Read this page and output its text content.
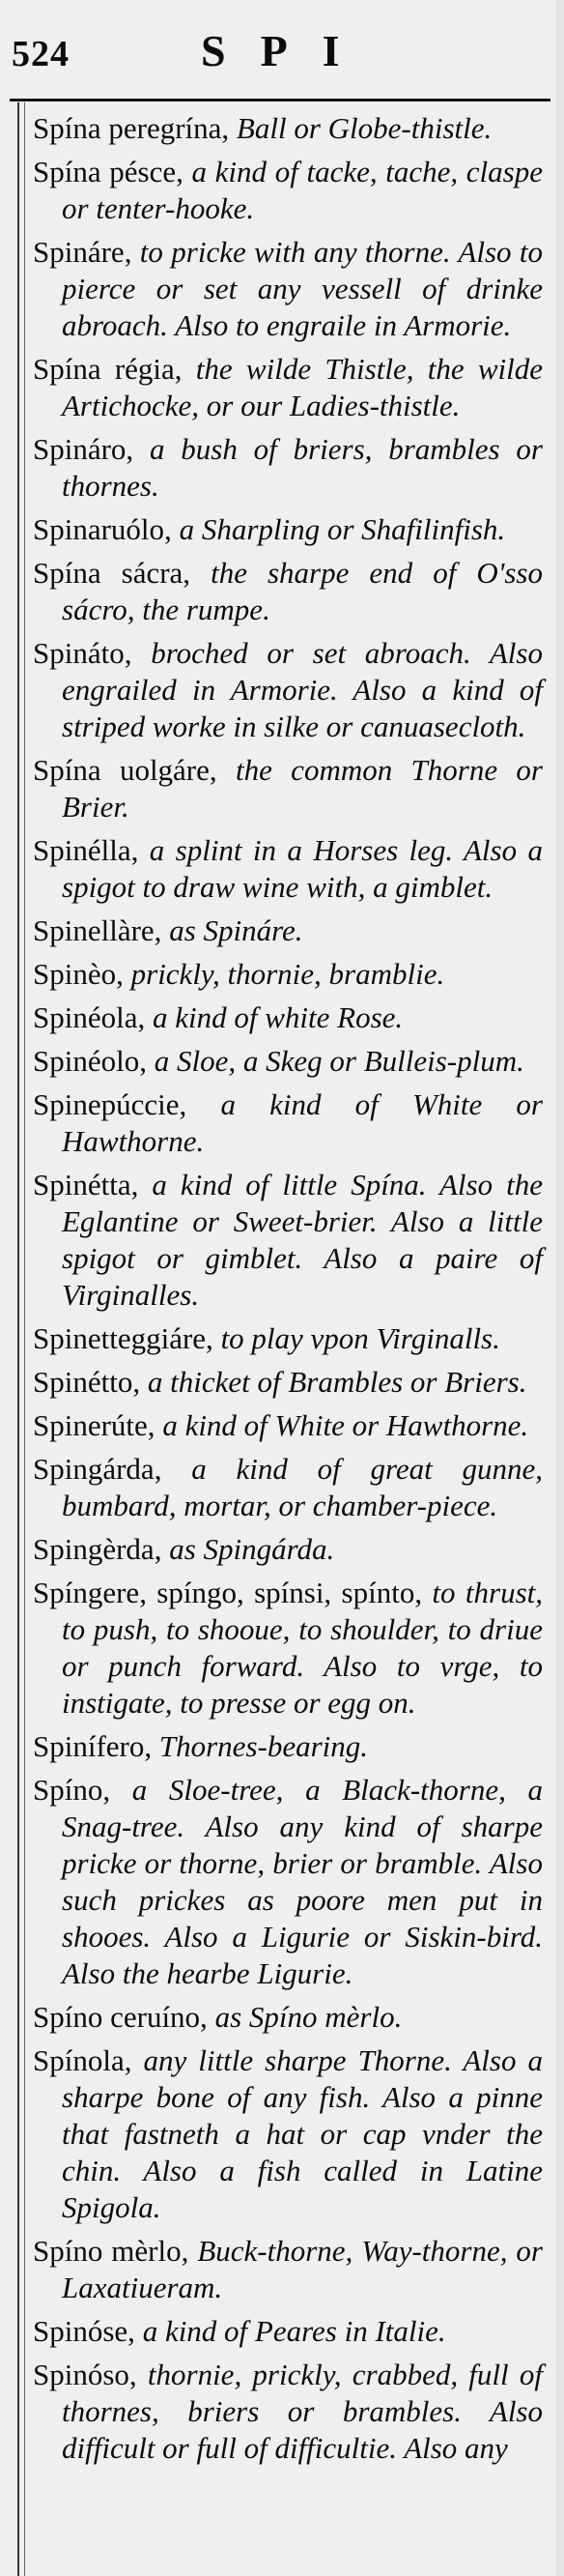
524	SPI

Spína peregrína, Ball or Globe-thistle.

Spína pésce, a kind of tacke, tache, claspe or tenter-hooke.

Spináre, to pricke with any thorne. Also to pierce or set any vessell of drinke abroach. Also to engraile in Armorie.

Spína régia, the wilde Thistle, the wilde Artichocke, or our Ladies-thistle.

Spináro, a bush of briers, brambles or thornes.

Spinaruólo, a Sharpling or Shafilinfish.

Spína sácra, the sharpe end of O'sso sácro, the rumpe.

Spináto, broched or set abroach. Also engrailed in Armorie. Also a kind of striped worke in silke or canuasecloth.

Spína uolgáre, the common Thorne or Brier.

Spinélla, a splint in a Horses leg. Also a spigot to draw wine with, a gimblet.

Spinellàre, as Spináre.

Spinèo, prickly, thornie, bramblie.

Spinéola, a kind of white Rose.

Spinéolo, a Sloe, a Skeg or Bulleis-plum.

Spinepúccie, a kind of White or Hawthorne.

Spinétta, a kind of little Spína. Also the Eglantine or Sweet-brier. Also a little spigot or gimblet. Also a paire of Virginalles.

Spinetteggiáre, to play vpon Virginalls.

Spinétto, a thicket of Brambles or Briers.

Spinerúte, a kind of White or Hawthorne.

Spingárda, a kind of great gunne, bumbard, mortar, or chamber-piece.

Spingèrda, as Spingárda.

Spíngere, spíngo, spínsi, spínto, to thrust, to push, to shooue, to shoulder, to driue or punch forward. Also to vrge, to instigate, to presse or egg on.

Spinífero, Thornes-bearing.

Spíno, a Sloe-tree, a Black-thorne, a Snag-tree. Also any kind of sharpe pricke or thorne, brier or bramble. Also such prickes as poore men put in shooes. Also a Ligurie or Siskin-bird. Also the hearbe Ligurie.

Spíno ceruíno, as Spíno mèrlo.

Spínola, any little sharpe Thorne. Also a sharpe bone of any fish. Also a pinne that fastneth a hat or cap vnder the chin. Also a fish called in Latine Spigola.

Spíno mèrlo, Buck-thorne, Way-thorne, or Laxatiueram.

Spinóse, a kind of Peares in Italie.

Spinóso, thornie, prickly, crabbed, full of thornes, briers or brambles. Also difficult or full of difficultie. Also any
